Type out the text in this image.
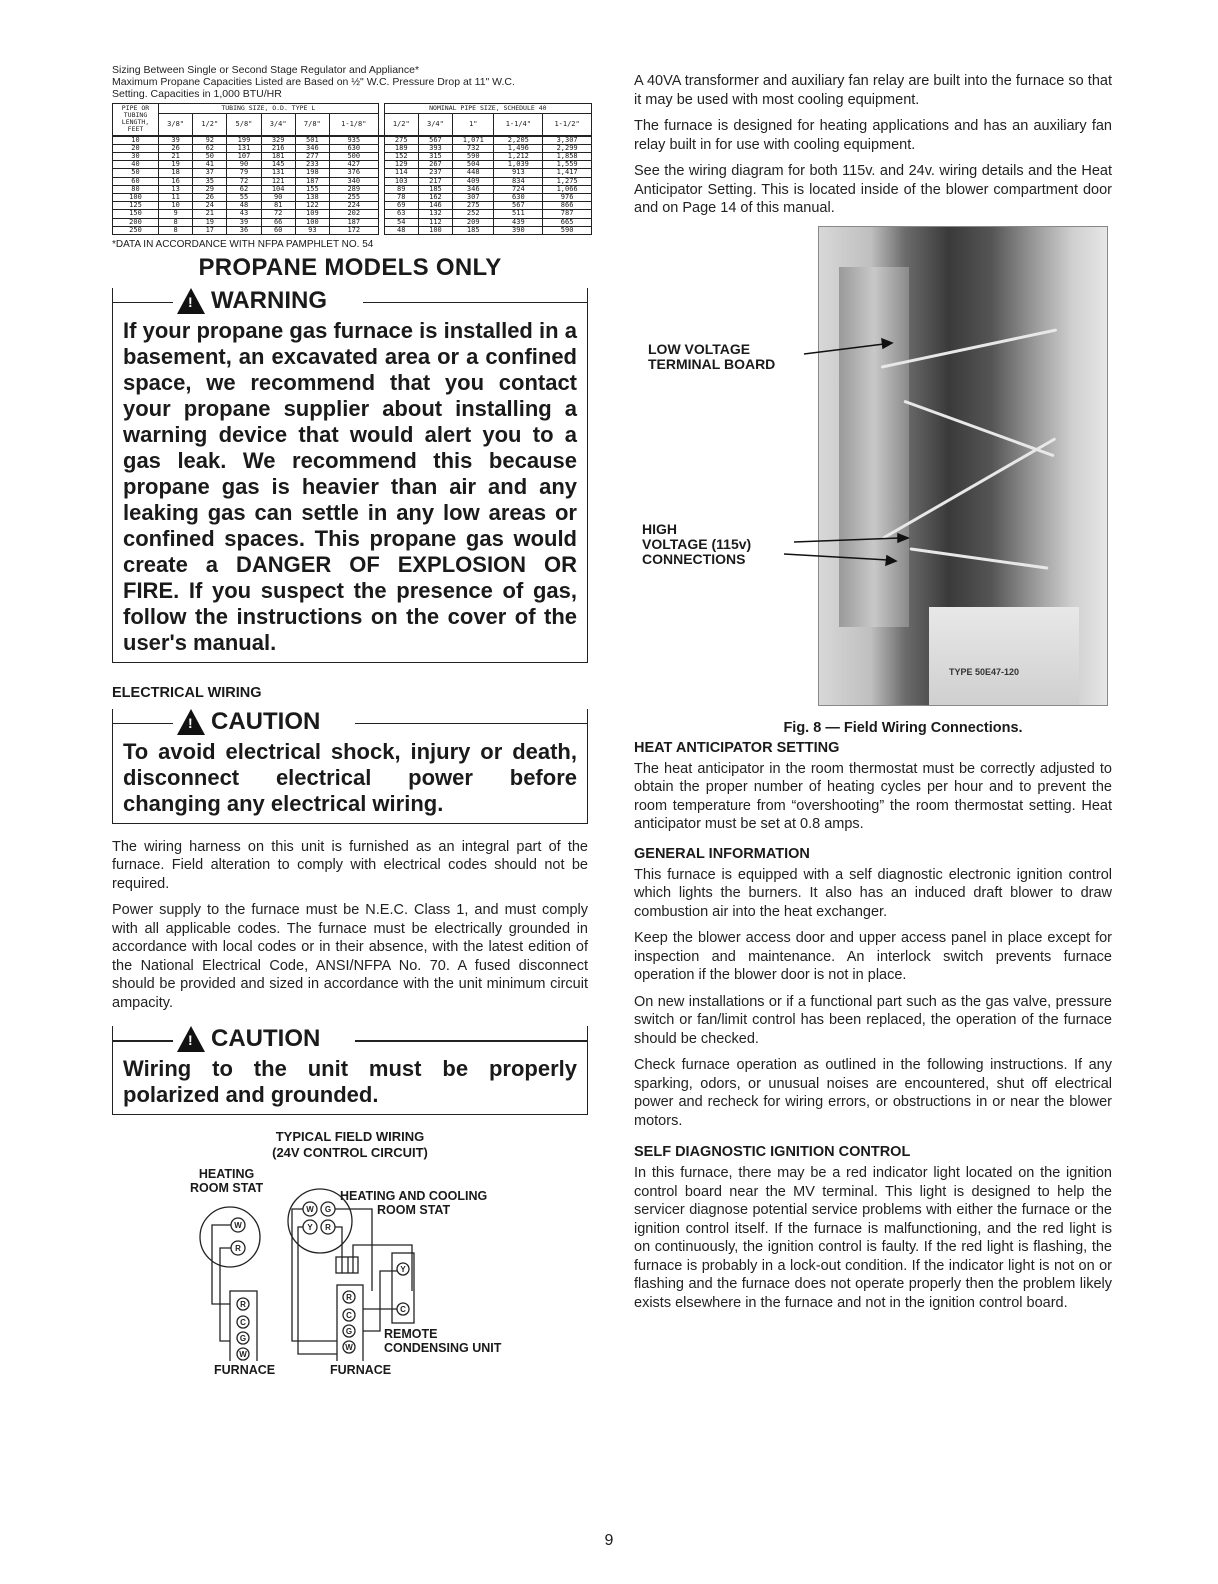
Sizing Between Single or Second Stage Regulator and Appliance*
Maximum Propane Capacities Listed are Based on ½" W.C. Pressure Drop at 11" W.C.
Setting. Capacities in 1,000 BTU/HR
PIPE OR TUBING LENGTH, FEET	TUBING SIZE, O.D. TYPE L							NOMINAL PIPE SIZE, SCHEDULE 40				
	3/8"	1/2"	5/8"	3/4"	7/8"	1-1/8"		1/2"	3/4"	1"	1-1/4"	1-1/2"
10	39	92	199	329	501	935		275	567	1,071	2,205	3,307
20	26	62	131	216	346	630		189	393	732	1,496	2,299
30	21	50	107	181	277	500		152	315	590	1,212	1,858
40	19	41	90	145	233	427		129	267	504	1,039	1,559
50	18	37	79	131	198	376		114	237	448	913	1,417
60	16	35	72	121	187	340		103	217	409	834	1,275
80	13	29	62	104	155	289		89	185	346	724	1,066
100	11	26	55	90	138	255		78	162	307	630	976
125	10	24	48	81	122	224		69	146	275	567	866
150	9	21	43	72	109	202		63	132	252	511	787
200	8	19	39	66	100	187		54	112	209	439	665
250	8	17	36	60	93	172		48	100	185	390	590
*DATA IN ACCORDANCE WITH NFPA PAMPHLET NO. 54
PROPANE MODELS ONLY
! WARNING
If your propane gas furnace is installed in a basement, an excavated area or a confined space, we recommend that you contact your propane supplier about installing a warning device that would alert you to a gas leak. We recommend this because propane gas is heavier than air and any leaking gas can settle in any low areas or confined spaces. This propane gas would create a DANGER OF EXPLOSION OR FIRE. If you suspect the presence of gas, follow the instructions on the cover of the user's manual.
ELECTRICAL WIRING
! CAUTION
To avoid electrical shock, injury or death, disconnect electrical power before changing any electrical wiring.
The wiring harness on this unit is furnished as an integral part of the furnace. Field alteration to comply with electrical codes should not be required.
Power supply to the furnace must be N.E.C. Class 1, and must comply with all applicable codes. The furnace must be electrically grounded in accordance with local codes or in their absence, with the latest edition of the National Electrical Code, ANSI/NFPA No. 70. A fused disconnect should be provided and sized in accordance with the unit minimum circuit ampacity.
! CAUTION
Wiring to the unit must be properly polarized and grounded.
TYPICAL FIELD WIRING
(24V CONTROL CIRCUIT)
HEATING
ROOM STAT
HEATING AND COOLING
ROOM STAT
REMOTE
CONDENSING UNIT
FURNACE	FURNACE
W
R
R
C
G
W
W G
Y R
R
C
G
W
Y
C
A 40VA transformer and auxiliary fan relay are built into the furnace so that it may be used with most cooling equipment.
The furnace is designed for heating applications and has an auxiliary fan relay built in for use with cooling equipment.
See the wiring diagram for both 115v. and 24v. wiring details and the Heat Anticipator Setting. This is located inside of the blower compartment door and on Page 14 of this manual.
TYPE 50E47-120
LOW VOLTAGE
TERMINAL BOARD
HIGH
VOLTAGE (115v)
CONNECTIONS
Fig. 8 — Field Wiring Connections.
HEAT ANTICIPATOR SETTING
The heat anticipator in the room thermostat must be correctly adjusted to obtain the proper number of heating cycles per hour and to prevent the room temperature from “overshooting” the room thermostat setting. Heat anticipator must be set at 0.8 amps.
GENERAL INFORMATION
This furnace is equipped with a self diagnostic electronic ignition control which lights the burners. It also has an induced draft blower to draw combustion air into the heat exchanger.
Keep the blower access door and upper access panel in place except for inspection and maintenance. An interlock switch prevents furnace operation if the blower door is not in place.
On new installations or if a functional part such as the gas valve, pressure switch or fan/limit control has been replaced, the operation of the furnace should be checked.
Check furnace operation as outlined in the following instructions. If any sparking, odors, or unusual noises are encountered, shut off electrical power and recheck for wiring errors, or obstructions in or near the blower motors.
SELF DIAGNOSTIC IGNITION CONTROL
In this furnace, there may be a red indicator light located on the ignition control board near the MV terminal. This light is designed to help the servicer diagnose potential service problems with either the furnace or the ignition control itself. If the furnace is malfunctioning, and the red light is on continuously, the ignition control is faulty. If the red light is flashing, the furnace is probably in a lock-out condition. If the indicator light is not on or flashing and the furnace does not operate properly then the problem likely exists elsewhere in the furnace and not in the ignition control board.
9
